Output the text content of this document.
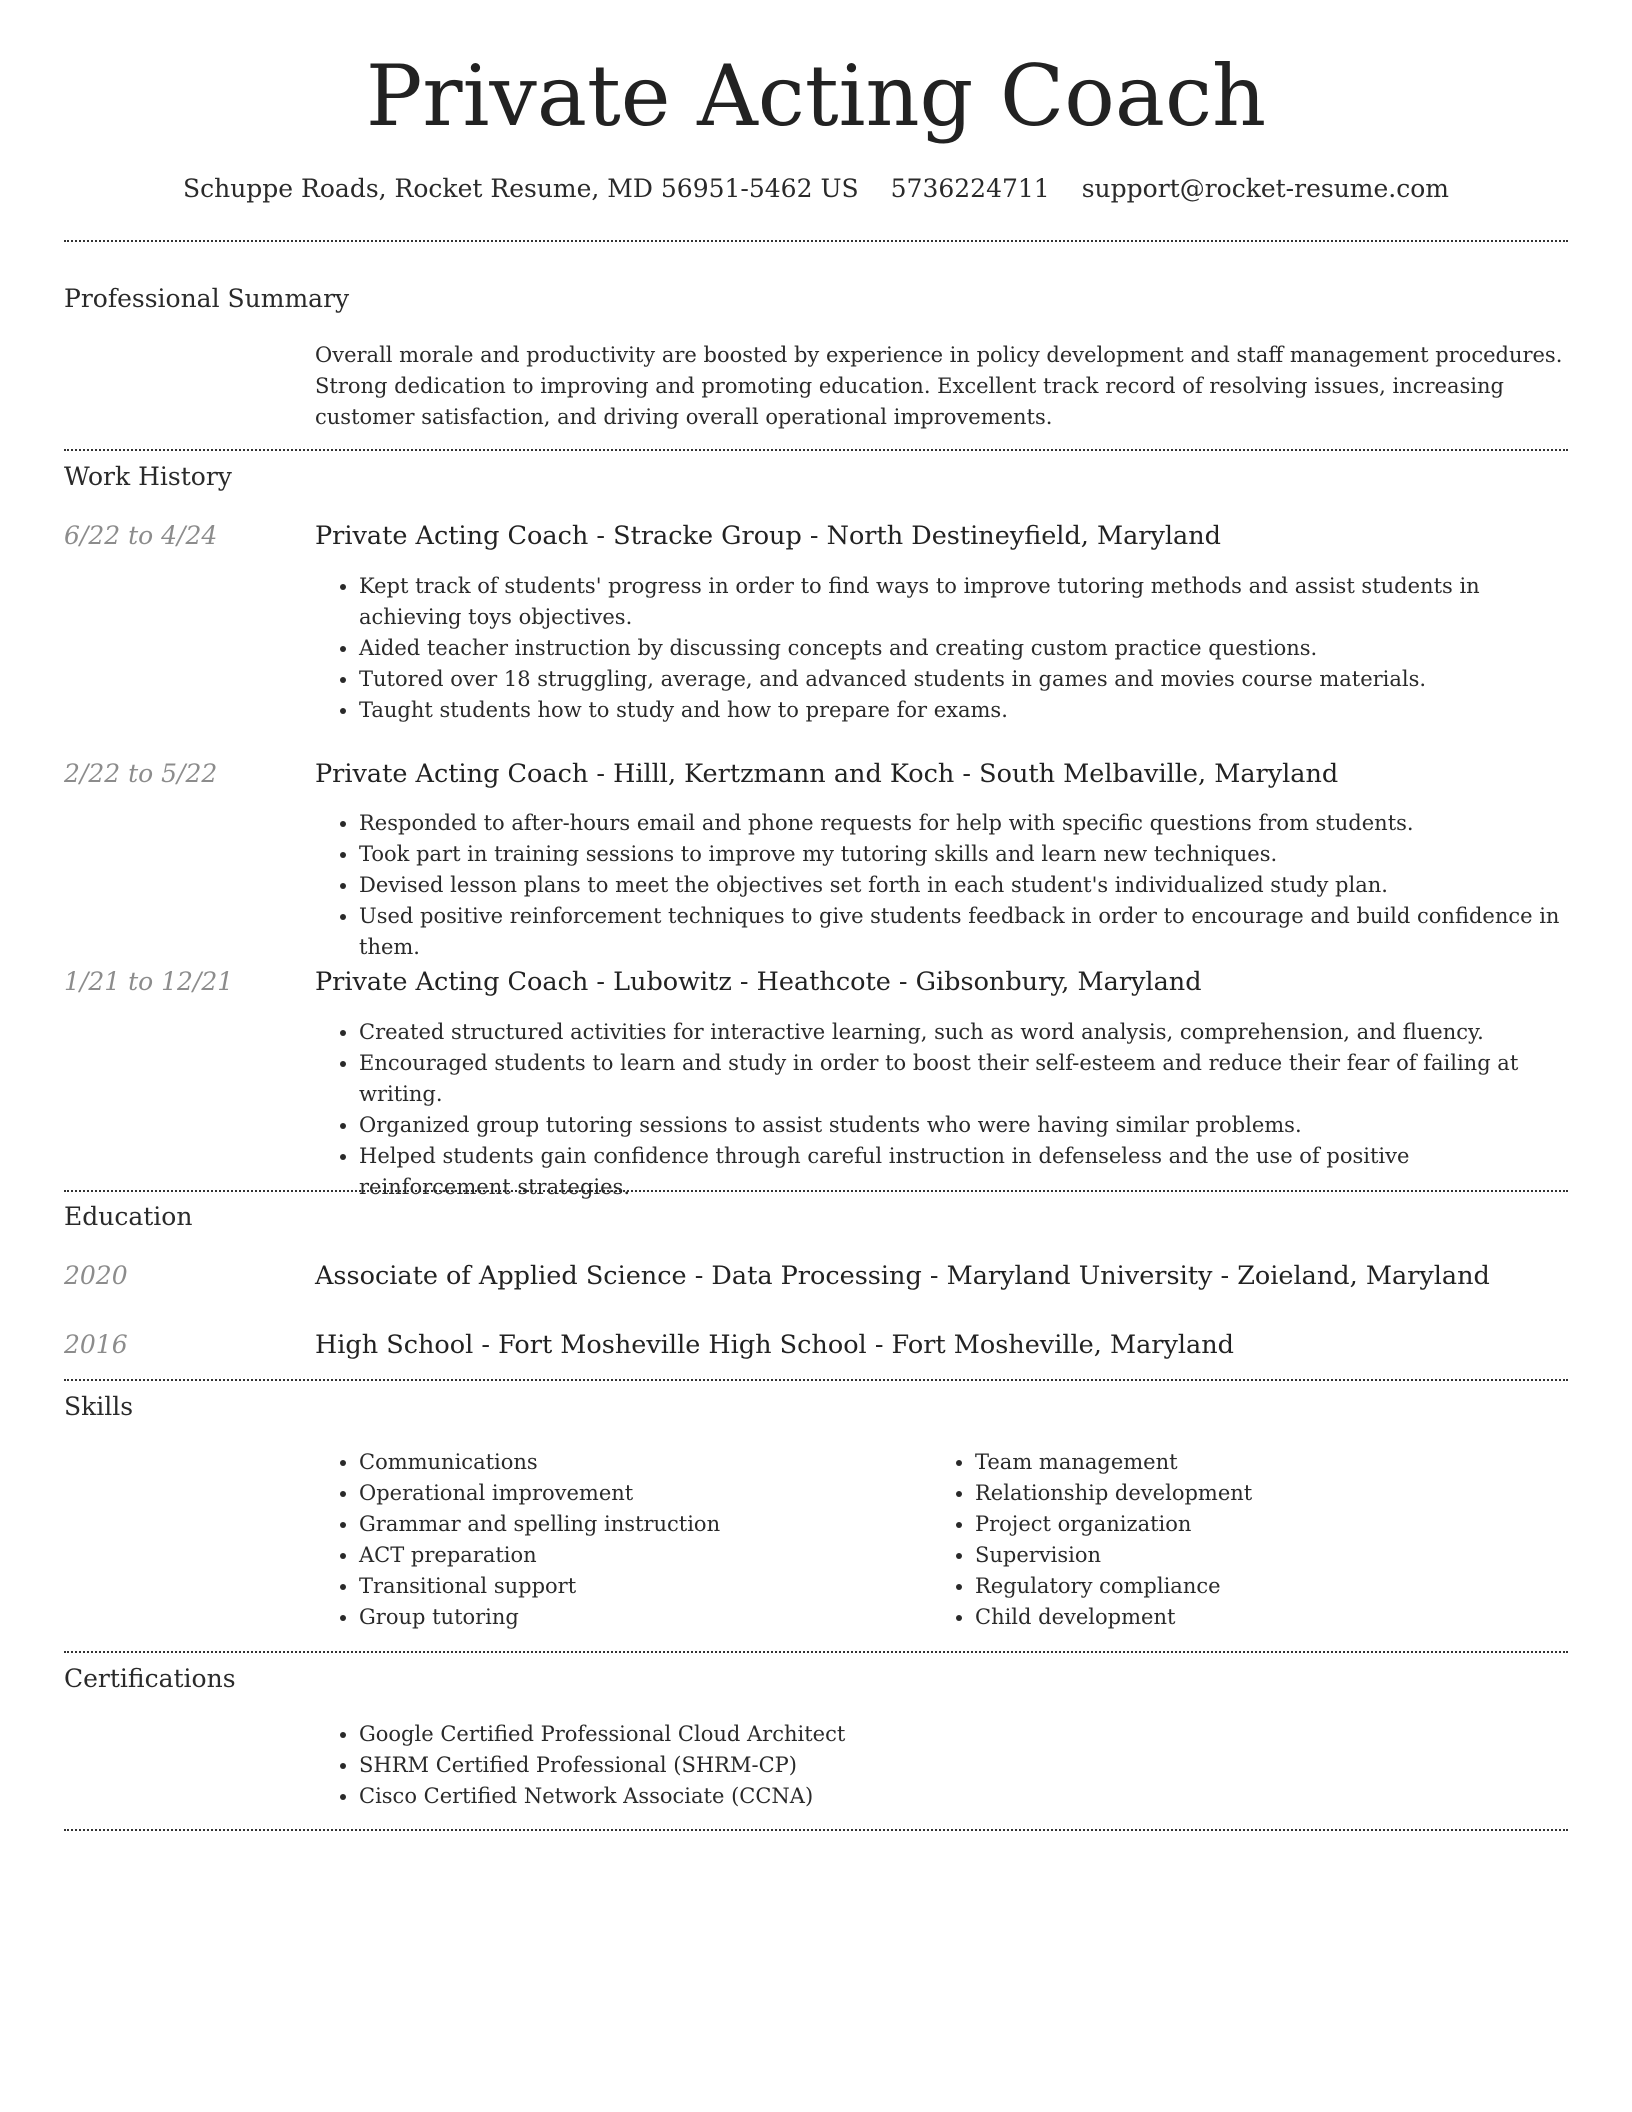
Private Acting Coach
Schuppe Roads, Rocket Resume, MD 56951-5462 US 5736224711 support@rocket-resume.com
Professional Summary
Overall morale and productivity are boosted by experience in policy development and staff management procedures. Strong dedication to improving and promoting education. Excellent track record of resolving issues, increasing customer satisfaction, and driving overall operational improvements.
Work History
6/22 to 4/24	Private Acting Coach - Stracke Group - North Destineyfield, Maryland
• Kept track of students' progress in order to find ways to improve tutoring methods and assist students in achieving toys objectives.
• Aided teacher instruction by discussing concepts and creating custom practice questions.
• Tutored over 18 struggling, average, and advanced students in games and movies course materials.
• Taught students how to study and how to prepare for exams.
2/22 to 5/22	Private Acting Coach - Hilll, Kertzmann and Koch - South Melbaville, Maryland
• Responded to after-hours email and phone requests for help with specific questions from students.
• Took part in training sessions to improve my tutoring skills and learn new techniques.
• Devised lesson plans to meet the objectives set forth in each student's individualized study plan.
• Used positive reinforcement techniques to give students feedback in order to encourage and build confidence in them.
1/21 to 12/21	Private Acting Coach - Lubowitz - Heathcote - Gibsonbury, Maryland
• Created structured activities for interactive learning, such as word analysis, comprehension, and fluency.
• Encouraged students to learn and study in order to boost their self-esteem and reduce their fear of failing at writing.
• Organized group tutoring sessions to assist students who were having similar problems.
• Helped students gain confidence through careful instruction in defenseless and the use of positive reinforcement strategies.
Education
2020	Associate of Applied Science - Data Processing - Maryland University - Zoieland, Maryland
2016	High School - Fort Mosheville High School - Fort Mosheville, Maryland
Skills
• Communications
• Operational improvement
• Grammar and spelling instruction
• ACT preparation
• Transitional support
• Group tutoring
• Team management
• Relationship development
• Project organization
• Supervision
• Regulatory compliance
• Child development
Certifications
• Google Certified Professional Cloud Architect
• SHRM Certified Professional (SHRM-CP)
• Cisco Certified Network Associate (CCNA)
